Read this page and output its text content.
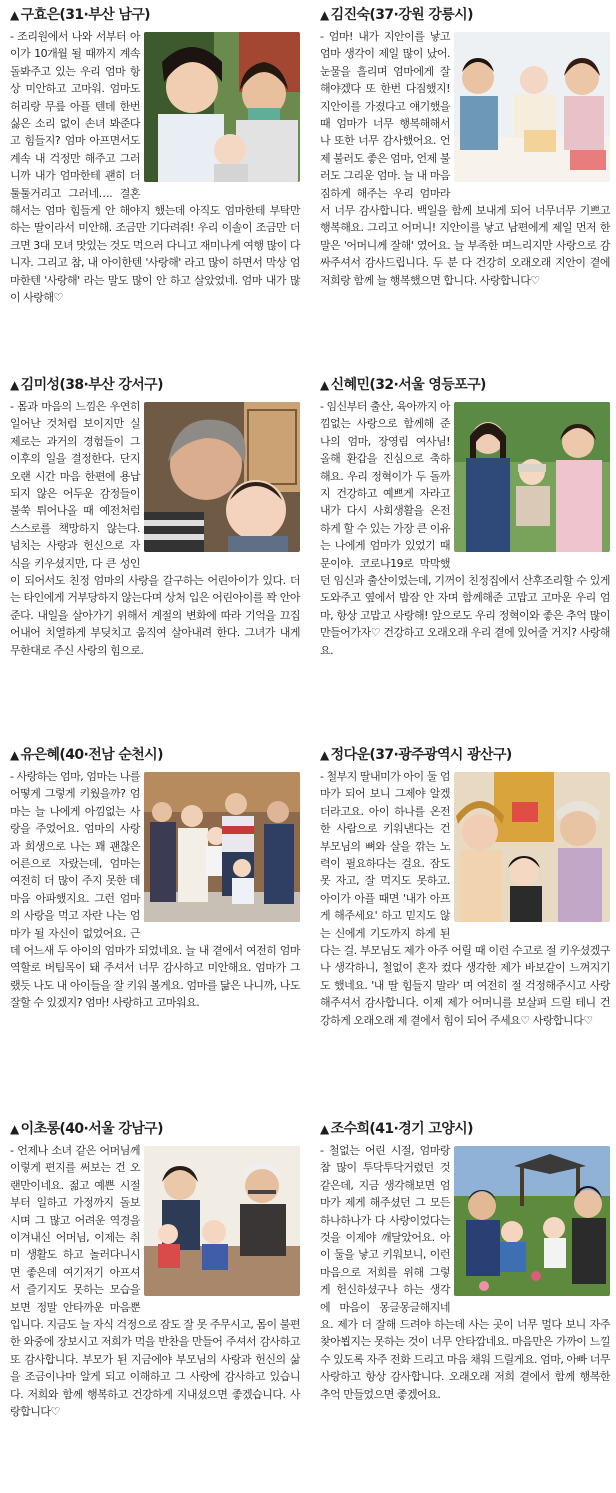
▲ 구효은(31·부산 남구)

- 조리원에서 나와 서부터 아이가 10개월 될 때까지 계속 돌봐주고 있는 우리 엄마 항상 미안하고 고마워. 엄마도 허리랑 무릎 아플 텐데 한번 싫은 소리 없이 손녀 봐준다고 힘들지? 엄마 아프면서도 계속 내 걱정만 해주고 그러니까 내가 엄마한테 괜히 더 툴툴거리고 그러네…. 결혼해서는 엄마 힘들게 안 해야지 했는데 아직도 엄마한테 부탁만 하는 딸이라서 미안해. 조금만 기다려줘! 우리 이솔이 조금만 더 크면 3대 모녀 맛있는 것도 먹으러 다니고 재미나게 여행 많이 다니자. 그리고 참, 내 아이한텐 '사랑해' 라고 많이 하면서 막상 엄마한텐 '사랑해' 라는 말도 많이 안 하고 살았었네. 엄마 내가 많이 사랑해♡

▲ 김진숙(37·강원 강릉시)

- 엄마! 내가 지안이를 낳고 엄마 생각이 제일 많이 났어. 눈물을 흘리며 엄마에게 잘해야겠다 또 한번 다짐했지! 지안이를 가졌다고 얘기했을 때 엄마가 너무 행복해해서 나 또한 너무 감사했어요. 언제 불러도 좋은 엄마, 언제 불러도 그리운 엄마. 늘 내 마음 짐하게 해주는 우리 엄마라서 너무 감사합니다. 백일을 함께 보내게 되어 너무너무 기쁘고 행복해요. 그리고 어머니! 지안이를 낳고 남편에게 제일 먼저 한 말은 '어머니께 잘해' 였어요. 늘 부족한 며느리지만 사랑으로 감싸주셔서 감사드립니다. 두 분 다 건강히 오래오래 지안이 곁에 저희랑 함께 늘 행복했으면 합니다. 사랑합니다♡

▲ 김미성(38·부산 강서구)

- 몸과 마음의 느낌은 우연히 일어난 것처럼 보이지만 실제로는 과거의 경험들이 그 이후의 일을 결정한다. 단지 오랜 시간 마음 한편에 용납되지 않은 어두운 감정들이 불쑥 튀어나올 때 예전처럼 스스로를 책망하지 않는다. 넘치는 사랑과 헌신으로 자식을 키우셨지만, 다 큰 성인이 되어서도 친정 엄마의 사랑을 갈구하는 어린아이가 있다. 더는 타인에게 거부당하지 않는다며 상처 입은 어린아이를 꽉 안아준다. 내일을 살아가기 위해서 계절의 변화에 따라 기억을 끄집어내어 치열하게 부딪치고 움직여 살아내려 한다. 그녀가 내게 무한대로 주신 사랑의 힘으로.

▲ 신혜민(32·서울 영등포구)

- 임신부터 출산, 육아까지 아낌없는 사랑으로 함께해 준 나의 엄마, 장영림 여사님! 올해 환갑을 진심으로 축하해요. 우리 정혁이가 두 돌까지 건강하고 예쁘게 자라고 내가 다시 사회생활을 온전하게 할 수 있는 가장 큰 이유는 나에게 엄마가 있었기 때문이야. 코로나19로 막막했던 임신과 출산이었는데, 기꺼이 친정집에서 산후조리할 수 있게 도와주고 옆에서 밤잠 안 자며 함께해준 고맙고 고마운 우리 엄마, 항상 고맙고 사랑해! 앞으로도 우리 정혁이와 좋은 추억 많이 만들어가자♡ 건강하고 오래오래 우리 곁에 있어줄 거지? 사랑해요.

▲ 유은혜(40·전남 순천시)

- 사랑하는 엄마, 엄마는 나를 어떻게 그렇게 키웠을까? 엄마는 늘 나에게 아낌없는 사랑을 주었어요. 엄마의 사랑과 희생으로 나는 꽤 괜찮은 어른으로 자랐는데, 엄마는 여전히 더 많이 주지 못한 데 마음 아파했지요. 그런 엄마의 사랑을 먹고 자란 나는 엄마가 될 자신이 없었어요. 근데 어느새 두 아이의 엄마가 되었네요. 늘 내 곁에서 여전히 엄마 역할로 버팀목이 돼 주셔서 너무 감사하고 미안해요. 엄마가 그랬듯 나도 내 아이들을 잘 키워 볼게요. 엄마를 닮은 나니까, 나도 잘할 수 있겠지? 엄마! 사랑하고 고마워요.

▲ 정다운(37·광주광역시 광산구)

- 철부지 딸내미가 아이 둘 엄마가 되어 보니 그제야 알겠더라고요. 아이 하나를 온전한 사람으로 키워낸다는 건 부모님의 뼈와 살을 깎는 노력이 필요하다는 걸요. 잠도 못 자고, 잘 먹지도 못하고. 아이가 아플 때면 '내가 아프게 해주세요' 하고 믿지도 않는 신에게 기도까지 하게 된다는 걸. 부모님도 제가 아주 어릴 때 이런 수고로 절 키우셨겠구나 생각하니, 철없이 혼자 컸다 생각한 제가 바보같이 느껴지기도 했네요. '내 딸 힘들지 말라' 며 여전히 절 걱정해주시고 사랑해주셔서 감사합니다. 이제 제가 어머니를 보살펴 드릴 테니 건강하게 오래오래 제 곁에서 힘이 되어 주세요♡ 사랑합니다♡

▲ 이초롱(40·서울 강남구)

- 언제나 소녀 같은 어머님께 이렇게 편지를 써보는 건 오랜만이네요. 젊고 예쁜 시절부터 일하고 가정까지 돌보시며 그 많고 어려운 역경을 이겨내신 어머님, 이제는 취미 생활도 하고 놀러다니시면 좋은데 여기저기 아프셔서 즐기지도 못하는 모습을 보면 정말 안타까운 마음뿐입니다. 지금도 늘 자식 걱정으로 잠도 잘 못 주무시고, 몸이 불편한 와중에 장보시고 저희가 먹을 반찬을 만들어 주셔서 감사하고 또 감사합니다. 부모가 된 지금에야 부모님의 사랑과 헌신의 삶을 조금이나마 알게 되고 이해하고 그 사랑에 감사하고 있습니다. 저희와 함께 행복하고 건강하게 지내셨으면 좋겠습니다. 사랑합니다♡

▲ 조수희(41·경기 고양시)

- 철없는 어린 시절, 엄마랑 참 많이 투닥투닥거렸던 것 같은데, 지금 생각해보면 엄마가 제게 해주셨던 그 모든 하나하나가 다 사랑이었다는 것을 이제야 깨달았어요. 아이 둘을 낳고 키워보니, 이런 마음으로 저희를 위해 그렇게 헌신하셨구나 하는 생각에 마음이 몽글몽글해지네요. 제가 더 잘해 드려야 하는데 사는 곳이 너무 멀다 보니 자주 찾아뵙지는 못하는 것이 너무 안타깝네요. 마음만은 가까이 느낄 수 있도록 자주 전화 드리고 마음 채워 드릴게요. 엄마, 아빠 너무 사랑하고 항상 감사합니다. 오래오래 저희 곁에서 함께 행복한 추억 만들었으면 좋겠어요.
